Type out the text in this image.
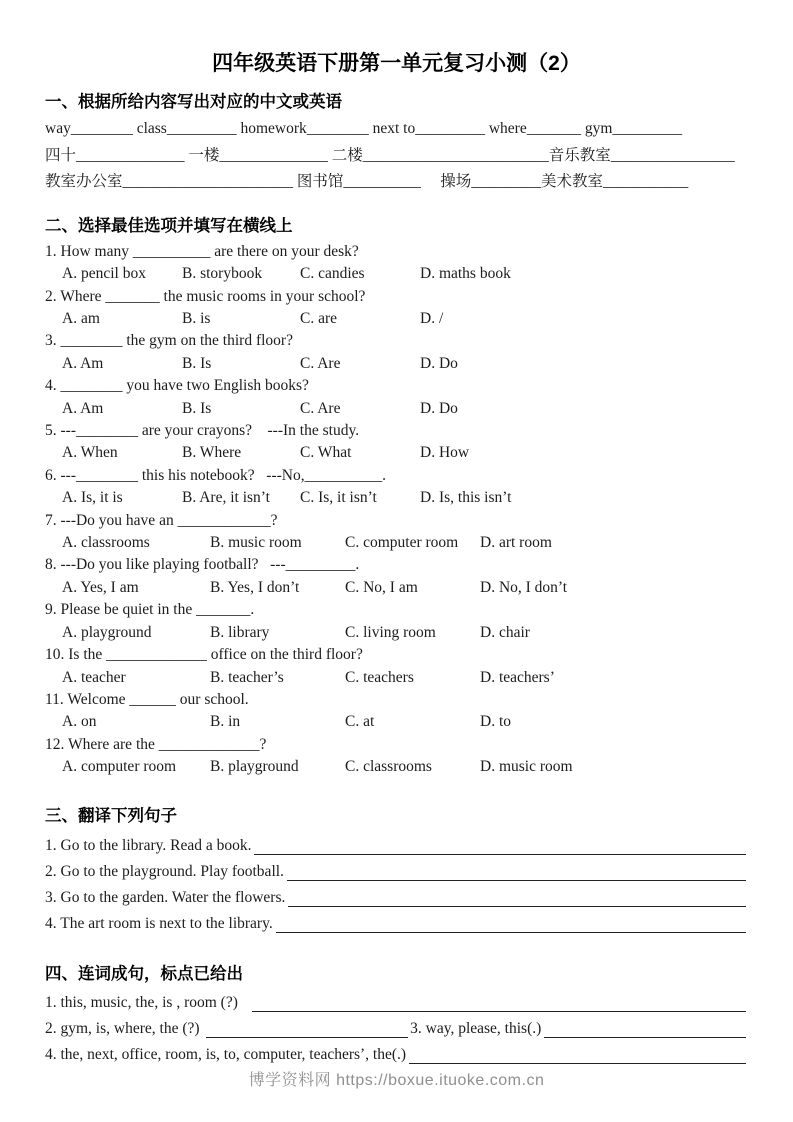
四年级英语下册第一单元复习小测（2）
一、根据所给内容写出对应的中文或英语
way________ class_________ homework________ next to_________ where_______ gym_________
四十______________ 一楼______________ 二楼________________________音乐教室________________
教室办公室______________________ 图书馆__________　 操场_________美术教室___________
二、选择最佳选项并填写在横线上
1. How many __________ are there on your desk?
A. pencil box	B. storybook	C. candies	D. maths book
2. Where _______ the music rooms in your school?
A. am	B. is	C. are	D. /
3. ________ the gym on the third floor?
A. Am	B. Is	C. Are	D. Do
4. ________ you have two English books?
A. Am	B. Is	C. Are	D. Do
5. ---________ are your crayons?    ---In the study.
A. When	B. Where	C. What	D. How
6. ---________ this his notebook?   ---No,__________.
A. Is, it is	B. Are, it isn’t	C. Is, it isn’t	D. Is, this isn’t
7. ---Do you have an ____________?
A. classrooms	B. music room	C. computer room	D. art room
8. ---Do you like playing football?   ---_________.
A. Yes, I am	B. Yes, I don’t	C. No, I am	D. No, I don’t
9. Please be quiet in the _______.
A. playground	B. library	C. living room	D. chair
10. Is the _____________ office on the third floor?
A. teacher	B. teacher’s	C. teachers	D. teachers’
11. Welcome ______ our school.
A. on	B. in	C. at	D. to
12. Where are the _____________?
A. computer room	B. playground	C. classrooms	D. music room
三、翻译下列句子
1. Go to the library. Read a book.
2. Go to the playground. Play football.
3. Go to the garden. Water the flowers.
4. The art room is next to the library.
四、连词成句，标点已给出
1. this, music, the, is , room (?)
2. gym, is, where, the (?)	3. way, please, this(.)
4. the, next, office, room, is, to, computer, teachers’, the(.)
博学资料网 https://boxue.ituoke.com.cn
